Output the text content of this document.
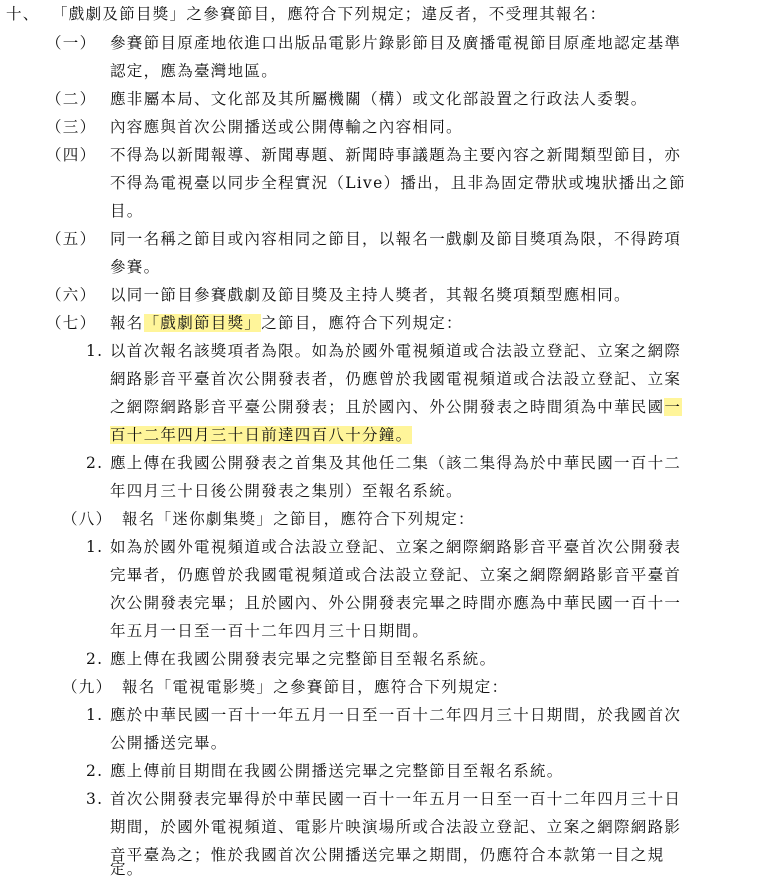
十、 「戲劇及節目獎」之參賽節目，應符合下列規定；違反者，不受理其報名：
（一） 參賽節目原產地依進口出版品電影片錄影節目及廣播電視節目原產地認定基準
認定，應為臺灣地區。
（二） 應非屬本局、文化部及其所屬機關（構）或文化部設置之行政法人委製。
（三） 內容應與首次公開播送或公開傳輸之內容相同。
（四） 不得為以新聞報導、新聞專題、新聞時事議題為主要內容之新聞類型節目，亦
不得為電視臺以同步全程實況（Live）播出，且非為固定帶狀或塊狀播出之節
目。
（五） 同一名稱之節目或內容相同之節目，以報名一戲劇及節目獎項為限，不得跨項
參賽。
（六） 以同一節目參賽戲劇及節目獎及主持人獎者，其報名獎項類型應相同。
（七） 報名「戲劇節目獎」之節目，應符合下列規定：
1. 以首次報名該獎項者為限。如為於國外電視頻道或合法設立登記、立案之網際
網路影音平臺首次公開發表者，仍應曾於我國電視頻道或合法設立登記、立案
之網際網路影音平臺公開發表；且於國內、外公開發表之時間須為中華民國一
百十二年四月三十日前達四百八十分鐘。
2. 應上傳在我國公開發表之首集及其他任二集（該二集得為於中華民國一百十二
年四月三十日後公開發表之集別）至報名系統。
（八） 報名「迷你劇集獎」之節目，應符合下列規定：
1. 如為於國外電視頻道或合法設立登記、立案之網際網路影音平臺首次公開發表
完畢者，仍應曾於我國電視頻道或合法設立登記、立案之網際網路影音平臺首
次公開發表完畢；且於國內、外公開發表完畢之時間亦應為中華民國一百十一
年五月一日至一百十二年四月三十日期間。
2. 應上傳在我國公開發表完畢之完整節目至報名系統。
（九） 報名「電視電影獎」之參賽節目，應符合下列規定：
1. 應於中華民國一百十一年五月一日至一百十二年四月三十日期間，於我國首次
公開播送完畢。
2. 應上傳前目期間在我國公開播送完畢之完整節目至報名系統。
3. 首次公開發表完畢得於中華民國一百十一年五月一日至一百十二年四月三十日
期間，於國外電視頻道、電影片映演場所或合法設立登記、立案之網際網路影
音平臺為之；惟於我國首次公開播送完畢之期間，仍應符合本款第一目之規
定。
